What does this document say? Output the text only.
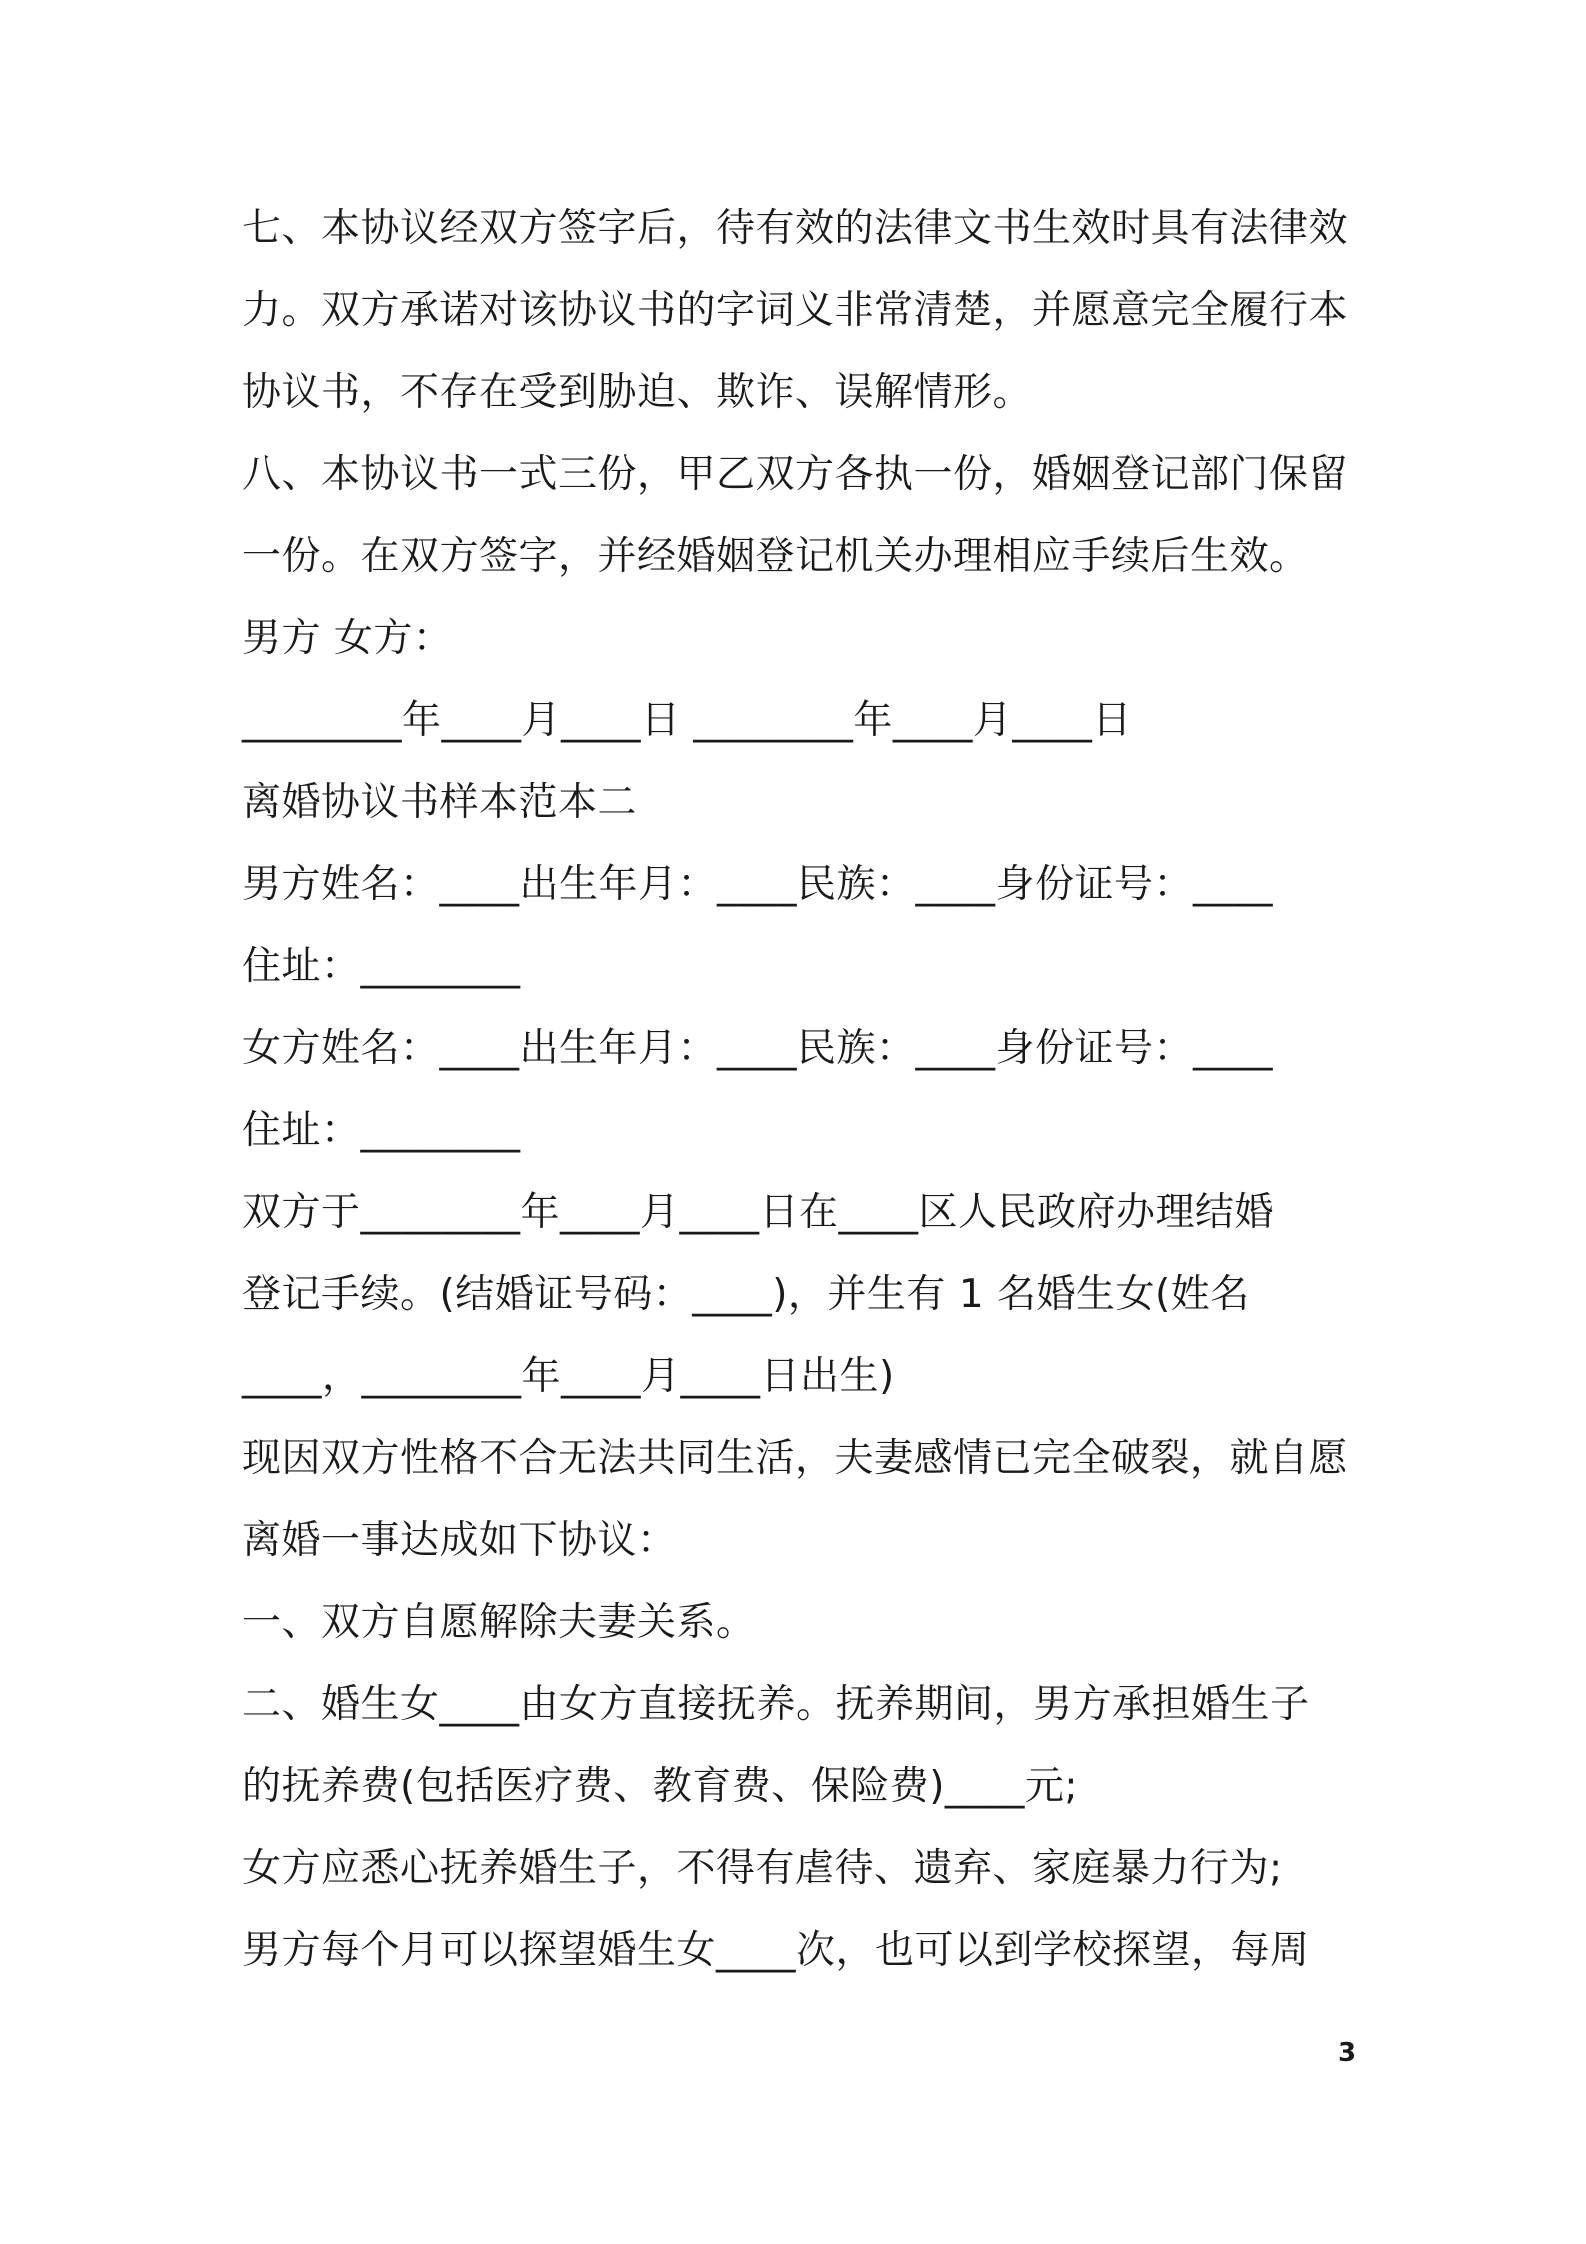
七、本协议经双方签字后，待有效的法律文书生效时具有法律效
力。双方承诺对该协议书的字词义非常清楚，并愿意完全履行本
协议书，不存在受到胁迫、欺诈、误解情形。
八、本协议书一式三份，甲乙双方各执一份，婚姻登记部门保留
一份。在双方签字，并经婚姻登记机关办理相应手续后生效。
男方 女方：
________年____月____日 ________年____月____日
离婚协议书样本范本二
男方姓名：____出生年月：____民族：____身份证号：____
住址：________
女方姓名：____出生年月：____民族：____身份证号：____
住址：________
双方于________年____月____日在____区人民政府办理结婚
登记手续。(结婚证号码：____)，并生有 1 名婚生女(姓名
____，________年____月____日出生)
现因双方性格不合无法共同生活，夫妻感情已完全破裂，就自愿
离婚一事达成如下协议：
一、双方自愿解除夫妻关系。
二、婚生女____由女方直接抚养。抚养期间，男方承担婚生子
的抚养费(包括医疗费、教育费、保险费)____元;
女方应悉心抚养婚生子，不得有虐待、遗弃、家庭暴力行为;
男方每个月可以探望婚生女____次，也可以到学校探望，每周
3
